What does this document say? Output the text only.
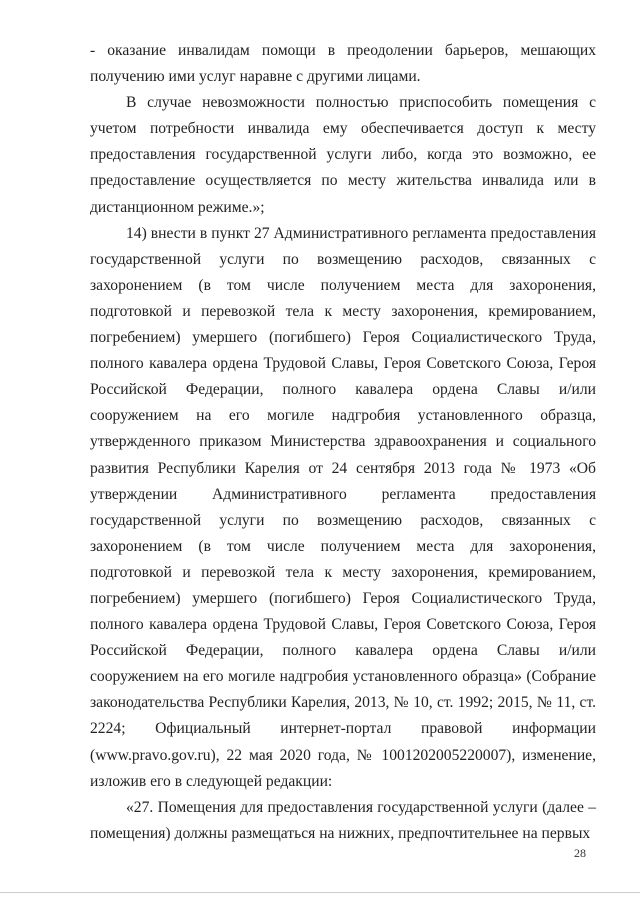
- оказание инвалидам помощи в преодолении барьеров, мешающих получению ими услуг наравне с другими лицами.

В случае невозможности полностью приспособить помещения с учетом потребности инвалида ему обеспечивается доступ к месту предоставления государственной услуги либо, когда это возможно, ее предоставление осуществляется по месту жительства инвалида или в дистанционном режиме.»;

14) внести в пункт 27 Административного регламента предоставления государственной услуги по возмещению расходов, связанных с захоронением (в том числе получением места для захоронения, подготовкой и перевозкой тела к месту захоронения, кремированием, погребением) умершего (погибшего) Героя Социалистического Труда, полного кавалера ордена Трудовой Славы, Героя Советского Союза, Героя Российской Федерации, полного кавалера ордена Славы и/или сооружением на его могиле надгробия установленного образца, утвержденного приказом Министерства здравоохранения и социального развития Республики Карелия от 24 сентября 2013 года № 1973 «Об утверждении Административного регламента предоставления государственной услуги по возмещению расходов, связанных с захоронением (в том числе получением места для захоронения, подготовкой и перевозкой тела к месту захоронения, кремированием, погребением) умершего (погибшего) Героя Социалистического Труда, полного кавалера ордена Трудовой Славы, Героя Советского Союза, Героя Российской Федерации, полного кавалера ордена Славы и/или сооружением на его могиле надгробия установленного образца» (Собрание законодательства Республики Карелия, 2013, № 10, ст. 1992; 2015, № 11, ст. 2224; Официальный интернет-портал правовой информации (www.pravo.gov.ru), 22 мая 2020 года, № 1001202005220007), изменение, изложив его в следующей редакции:

«27. Помещения для предоставления государственной услуги (далее – помещения) должны размещаться на нижних, предпочтительнее на первых

28
